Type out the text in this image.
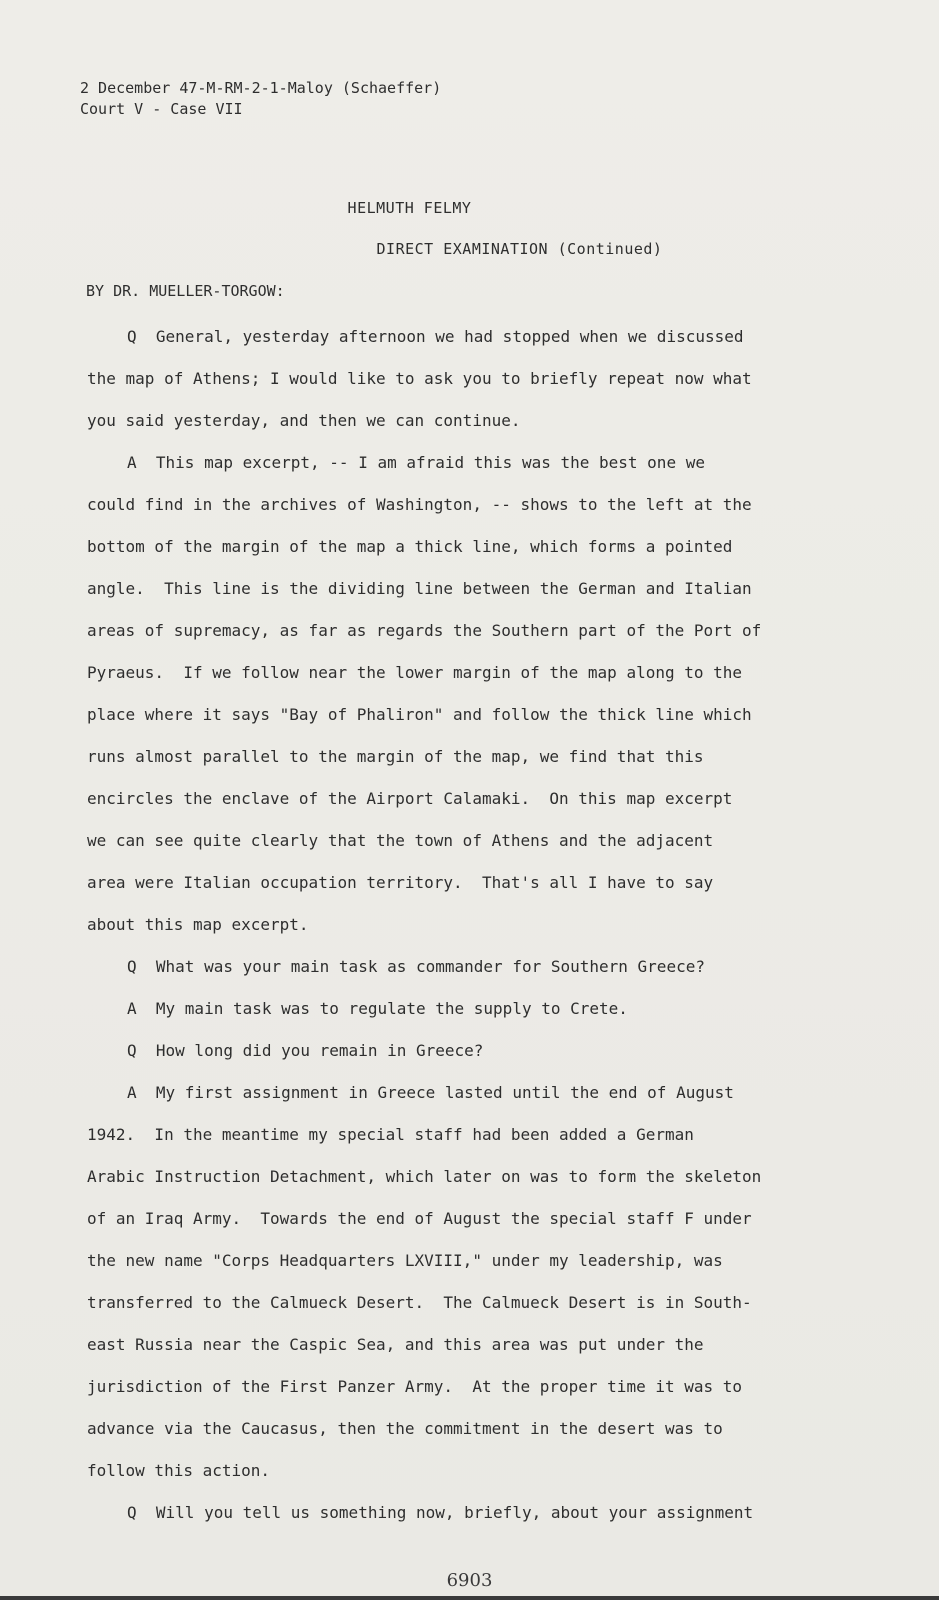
2 December 47-M-RM-2-1-Maloy (Schaeffer)
Court V - Case VII
HELMUTH FELMY
DIRECT EXAMINATION (Continued)
BY DR. MUELLER-TORGOW:
Q  General, yesterday afternoon we had stopped when we discussed
the map of Athens; I would like to ask you to briefly repeat now what
you said yesterday, and then we can continue.
A  This map excerpt, -- I am afraid this was the best one we
could find in the archives of Washington, -- shows to the left at the
bottom of the margin of the map a thick line, which forms a pointed
angle.  This line is the dividing line between the German and Italian
areas of supremacy, as far as regards the Southern part of the Port of
Pyraeus.  If we follow near the lower margin of the map along to the
place where it says "Bay of Phaliron" and follow the thick line which
runs almost parallel to the margin of the map, we find that this
encircles the enclave of the Airport Calamaki.  On this map excerpt
we can see quite clearly that the town of Athens and the adjacent
area were Italian occupation territory.  That's all I have to say
about this map excerpt.
Q  What was your main task as commander for Southern Greece?
A  My main task was to regulate the supply to Crete.
Q  How long did you remain in Greece?
A  My first assignment in Greece lasted until the end of August
1942.  In the meantime my special staff had been added a German
Arabic Instruction Detachment, which later on was to form the skeleton
of an Iraq Army.  Towards the end of August the special staff F under
the new name "Corps Headquarters LXVIII," under my leadership, was
transferred to the Calmueck Desert.  The Calmueck Desert is in South-
east Russia near the Caspic Sea, and this area was put under the
jurisdiction of the First Panzer Army.  At the proper time it was to
advance via the Caucasus, then the commitment in the desert was to
follow this action.
Q  Will you tell us something now, briefly, about your assignment
6903
